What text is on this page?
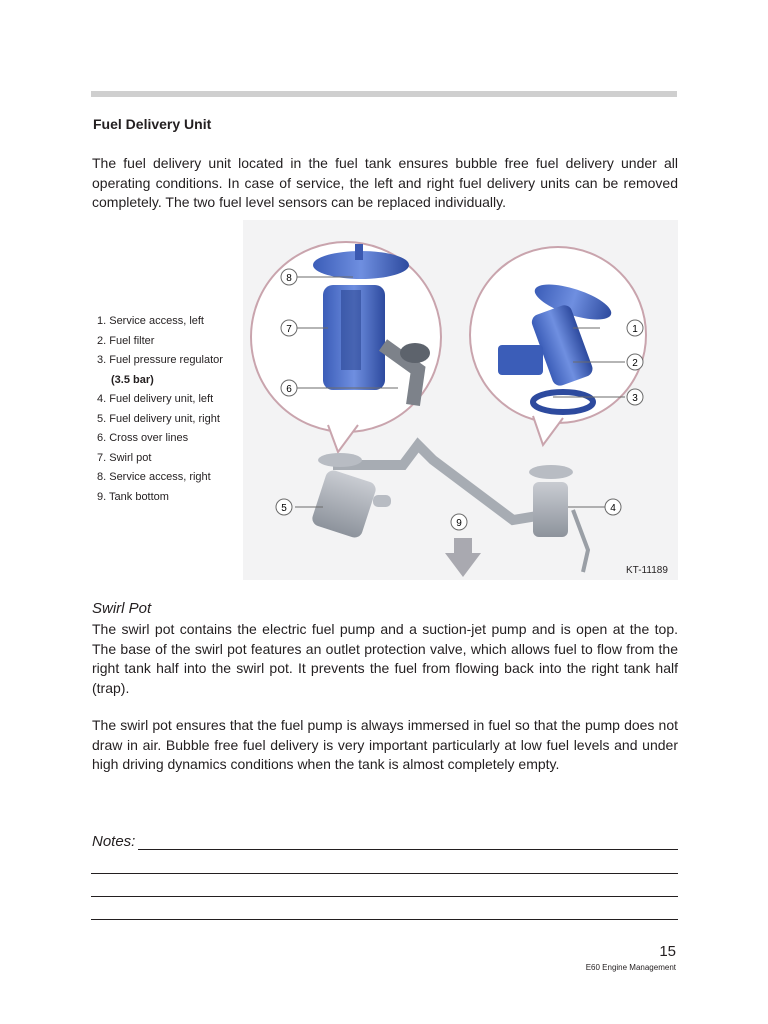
Fuel Delivery Unit

The fuel delivery unit located in the fuel tank ensures bubble free fuel delivery under all operating conditions. In case of service, the left and right fuel delivery units can be removed completely. The two fuel level sensors can be replaced individually.

1. Service access, left
2. Fuel filter
3. Fuel pressure regulator
(3.5 bar)
4. Fuel delivery unit, left
5. Fuel delivery unit, right
6. Cross over lines
7. Swirl pot
8. Service access, right
9. Tank bottom
8
7
6
5
9
1
2
3
4
KT-11189
Swirl Pot

The swirl pot contains the electric fuel pump and a suction-jet pump and is open at the top. The base of the swirl pot features an outlet protection valve, which allows fuel to flow from the right tank half into the swirl pot. It prevents the fuel from flowing back into the right tank half (trap).

The swirl pot ensures that the fuel pump is always immersed in fuel so that the pump does not draw in air. Bubble free fuel delivery is very important particularly at low fuel levels and under high driving dynamics conditions when the tank is almost completely empty.

Notes:
15
E60 Engine Management
